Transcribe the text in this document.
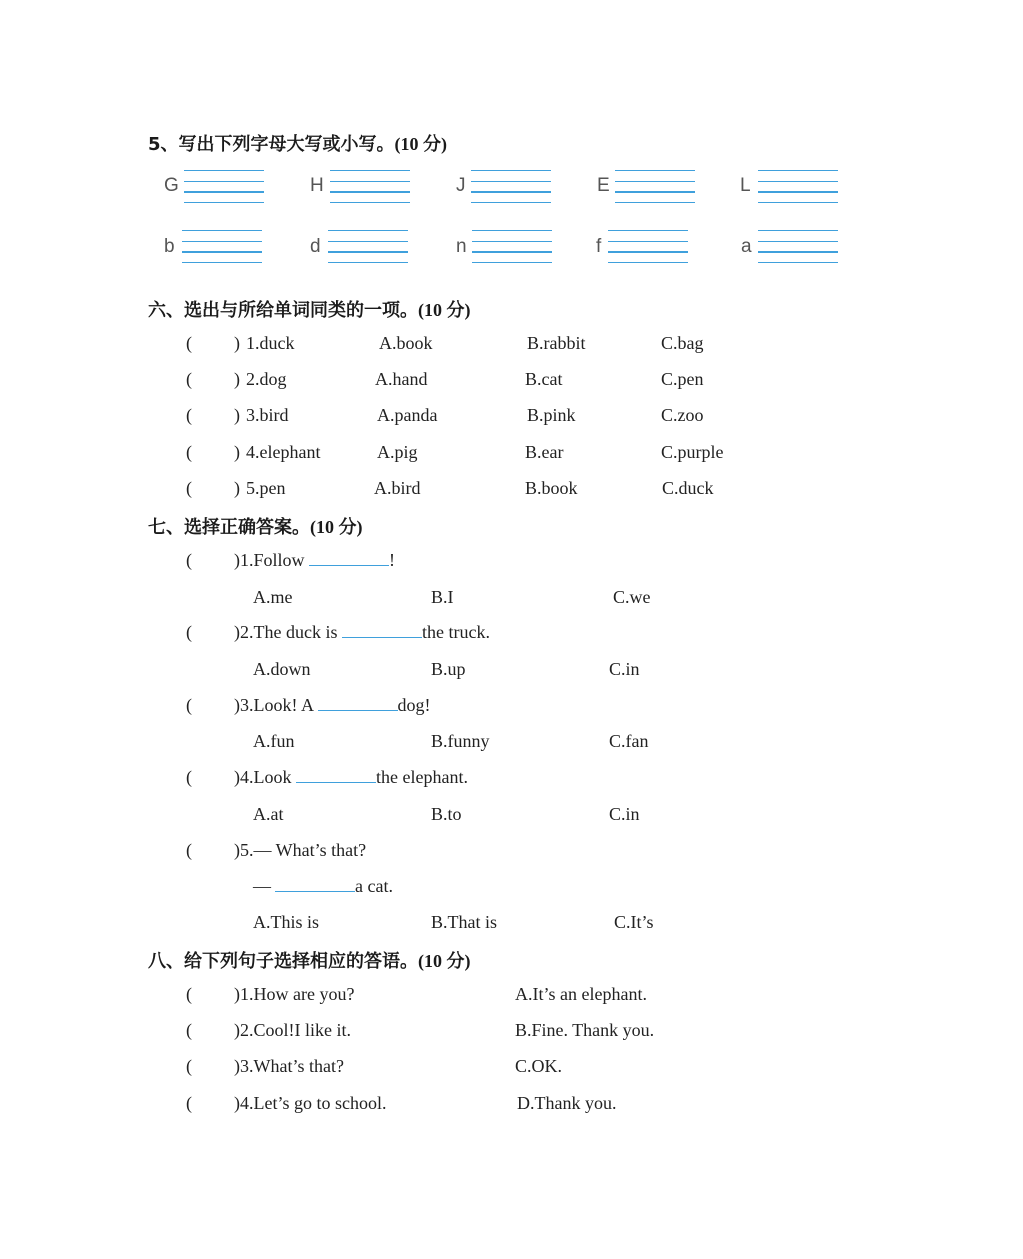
5、写出下列字母大写或小写。(10 分)
G	H	J	E	L
b	d	n	f	a
六、选出与所给单词同类的一项。(10 分)
( ) 1.duck	A.book	B.rabbit	C.bag
( ) 2.dog	A.hand	B.cat	C.pen
( ) 3.bird	A.panda	B.pink	C.zoo
( ) 4.elephant	A.pig	B.ear	C.purple
( ) 5.pen	A.bird	B.book	C.duck
七、选择正确答案。(10 分)
( )1.Follow	!
A.me	B.I	C.we
( )2.The duck is	the truck.
A.down	B.up	C.in
( )3.Look! A	dog!
A.fun	B.funny	C.fan
( )4.Look	the elephant.
A.at	B.to	C.in
( )5.— What’s that?
—	a cat.
A.This is	B.That is	C.It’s
八、给下列句子选择相应的答语。(10 分)
( )1.How are you?	A.It’s an elephant.
( )2.Cool!I like it.	B.Fine. Thank you.
( )3.What’s that?	C.OK.
( )4.Let’s go to school.	D.Thank you.
